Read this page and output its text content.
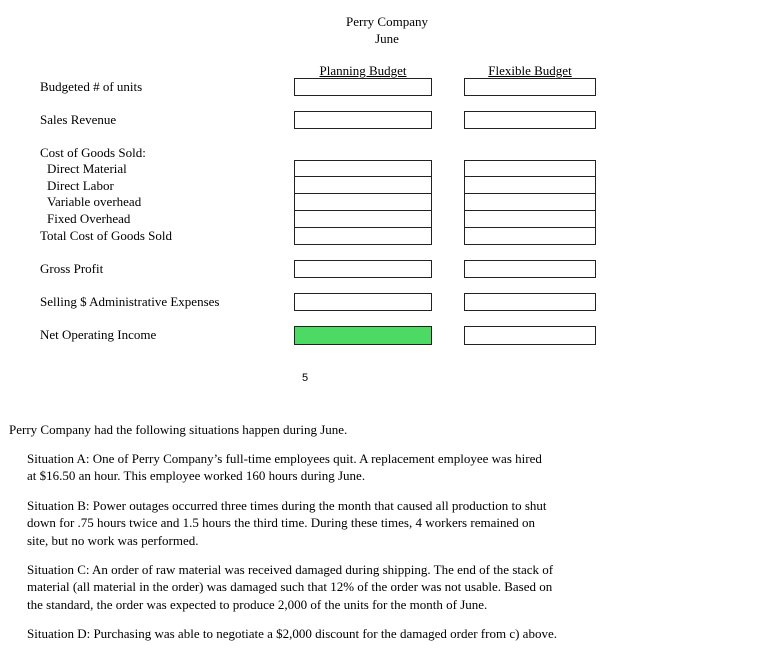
Perry Company
June
Planning Budget	Flexible Budget
Budgeted # of units
Sales Revenue
Cost of Goods Sold:
Direct Material
Direct Labor
Variable overhead
Fixed Overhead
Total Cost of Goods Sold
Gross Profit
Selling $ Administrative Expenses
Net Operating Income
5
Perry Company had the following situations happen during June.
Situation A: One of Perry Company’s full-time employees quit. A replacement employee was hired
at $16.50 an hour. This employee worked 160 hours during June.
Situation B: Power outages occurred three times during the month that caused all production to shut
down for .75 hours twice and 1.5 hours the third time. During these times, 4 workers remained on
site, but no work was performed.
Situation C: An order of raw material was received damaged during shipping. The end of the stack of
material (all material in the order) was damaged such that 12% of the order was not usable. Based on
the standard, the order was expected to produce 2,000 of the units for the month of June.
Situation D: Purchasing was able to negotiate a $2,000 discount for the damaged order from c) above.
